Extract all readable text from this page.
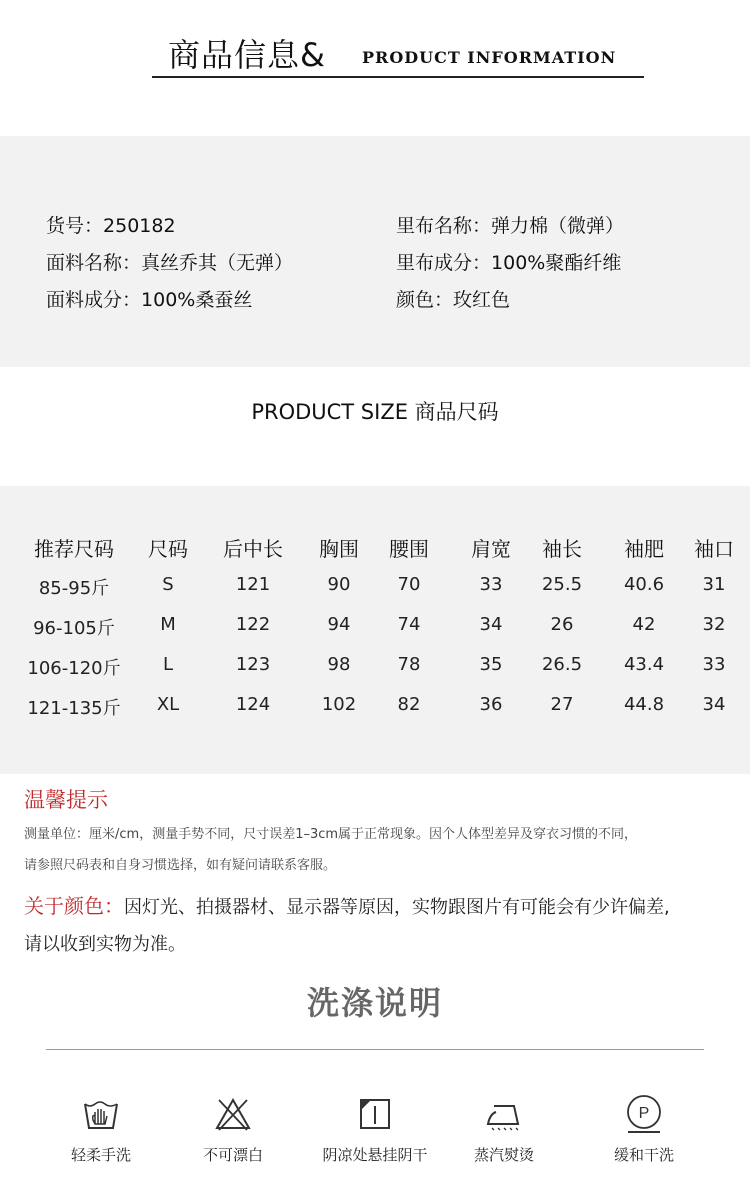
商品信息& PRODUCT INFORMATION
货号：250182
面料名称：真丝乔其（无弹）
面料成分：100%桑蚕丝
里布名称：弹力棉（微弹）
里布成分：100%聚酯纤维
颜色：玫红色
PRODUCT SIZE 商品尺码
推荐尺码	尺码	后中长	胸围	腰围	肩宽	袖长	袖肥	袖口
85-95斤	S	121	90	70	33	25.5	40.6	31
96-105斤	M	122	94	74	34	26	42	32
106-120斤	L	123	98	78	35	26.5	43.4	33
121-135斤	XL	124	102	82	36	27	44.8	34
温馨提示
测量单位：厘米/cm，测量手势不同，尺寸误差1–3cm属于正常现象。因个人体型差异及穿衣习惯的不同，
请参照尺码表和自身习惯选择，如有疑问请联系客服。
关于颜色：因灯光、拍摄器材、显示器等原因，实物跟图片有可能会有少许偏差,
请以收到实物为准。
洗涤说明
轻柔手洗	不可漂白	阴凉处悬挂阴干	蒸汽熨烫
P
缓和干洗
